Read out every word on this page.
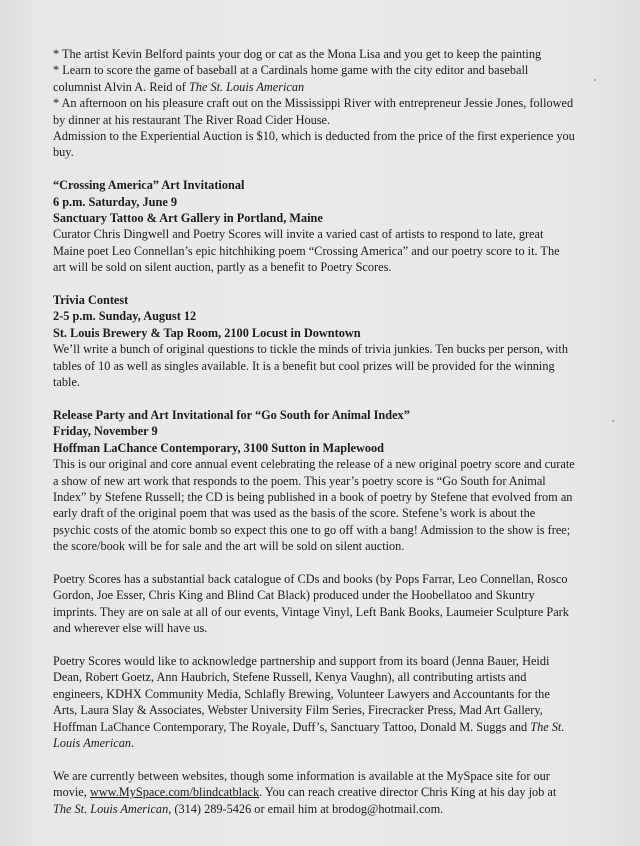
* The artist Kevin Belford paints your dog or cat as the Mona Lisa and you get to keep the painting
* Learn to score the game of baseball at a Cardinals home game with the city editor and baseball
columnist Alvin A. Reid of The St. Louis American
* An afternoon on his pleasure craft out on the Mississippi River with entrepreneur Jessie Jones, followed
by dinner at his restaurant The River Road Cider House.
Admission to the Experiential Auction is $10, which is deducted from the price of the first experience you
buy.
“Crossing America” Art Invitational
6 p.m. Saturday, June 9
Sanctuary Tattoo & Art Gallery in Portland, Maine
Curator Chris Dingwell and Poetry Scores will invite a varied cast of artists to respond to late, great
Maine poet Leo Connellan’s epic hitchhiking poem “Crossing America” and our poetry score to it. The
art will be sold on silent auction, partly as a benefit to Poetry Scores.
Trivia Contest
2-5 p.m. Sunday, August 12
St. Louis Brewery & Tap Room, 2100 Locust in Downtown
We’ll write a bunch of original questions to tickle the minds of trivia junkies. Ten bucks per person, with
tables of 10 as well as singles available. It is a benefit but cool prizes will be provided for the winning
table.
Release Party and Art Invitational for “Go South for Animal Index”
Friday, November 9
Hoffman LaChance Contemporary, 3100 Sutton in Maplewood
This is our original and core annual event celebrating the release of a new original poetry score and curate
a show of new art work that responds to the poem. This year’s poetry score is “Go South for Animal
Index” by Stefene Russell; the CD is being published in a book of poetry by Stefene that evolved from an
early draft of the original poem that was used as the basis of the score. Stefene’s work is about the
psychic costs of the atomic bomb so expect this one to go off with a bang! Admission to the show is free;
the score/book will be for sale and the art will be sold on silent auction.
Poetry Scores has a substantial back catalogue of CDs and books (by Pops Farrar, Leo Connellan, Rosco
Gordon, Joe Esser, Chris King and Blind Cat Black) produced under the Hoobellatoo and Skuntry
imprints. They are on sale at all of our events, Vintage Vinyl, Left Bank Books, Laumeier Sculpture Park
and wherever else will have us.
Poetry Scores would like to acknowledge partnership and support from its board (Jenna Bauer, Heidi
Dean, Robert Goetz, Ann Haubrich, Stefene Russell, Kenya Vaughn), all contributing artists and
engineers, KDHX Community Media, Schlafly Brewing, Volunteer Lawyers and Accountants for the
Arts, Laura Slay & Associates, Webster University Film Series, Firecracker Press, Mad Art Gallery,
Hoffman LaChance Contemporary, The Royale, Duff’s, Sanctuary Tattoo, Donald M. Suggs and The St.
Louis American.
We are currently between websites, though some information is available at the MySpace site for our
movie, www.MySpace.com/blindcatblack. You can reach creative director Chris King at his day job at
The St. Louis American, (314) 289-5426 or email him at brodog@hotmail.com.
